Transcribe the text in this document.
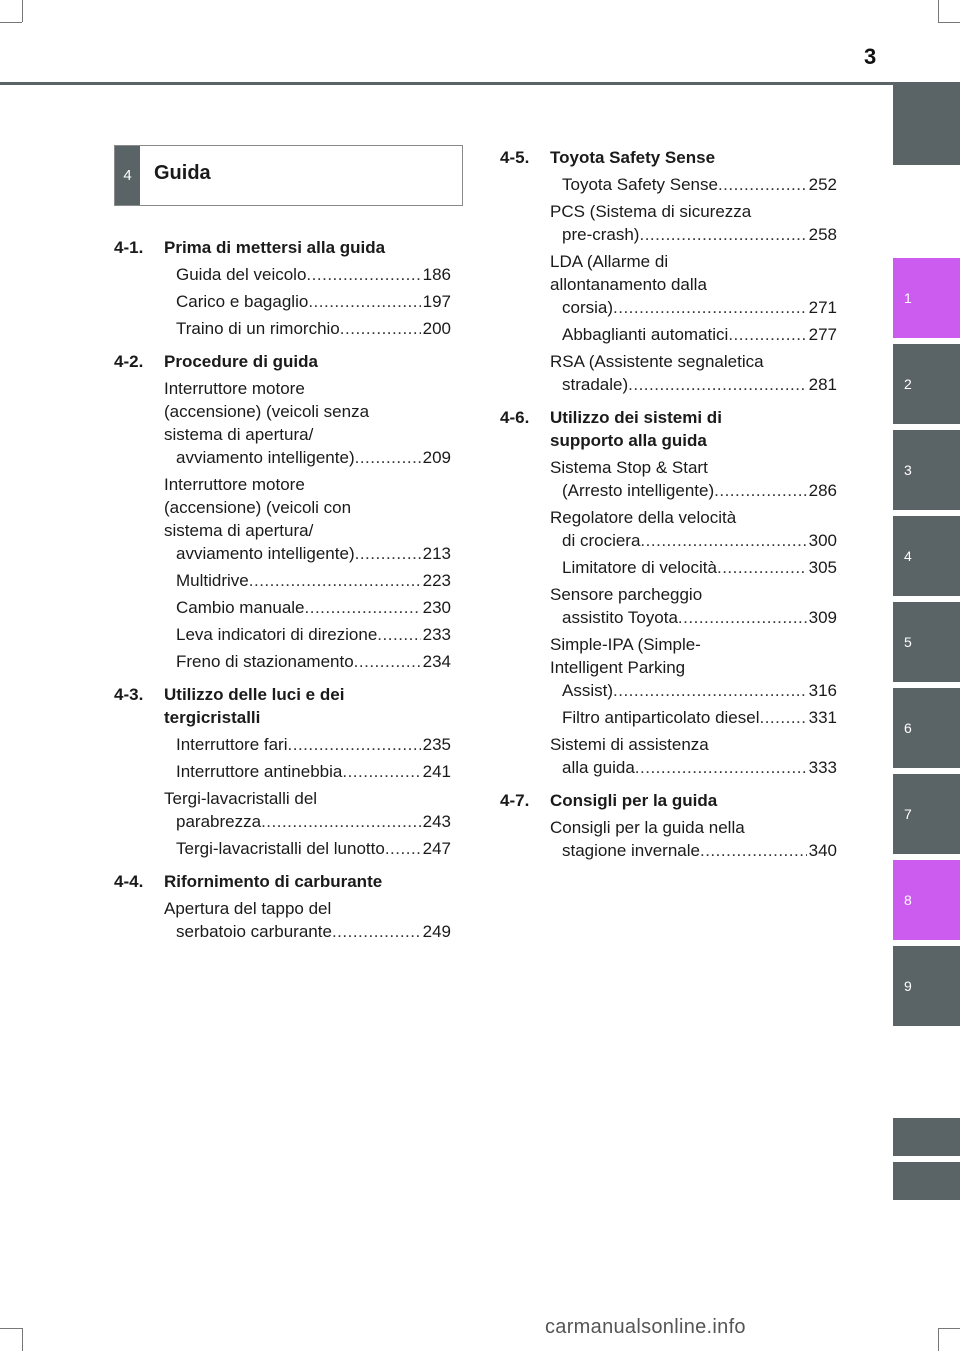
3
1
2
3
4
5
6
7
8
9
4	Guida
4-1.	Prima di mettersi alla guida
Guida del veicolo .....	186
Carico e bagaglio .....	197
Traino di un rimorchio .....	200
4-2.	Procedure di guida
Interruttore motore
(accensione) (veicoli senza
sistema di apertura/
avviamento intelligente) .....	209
Interruttore motore
(accensione) (veicoli con
sistema di apertura/
avviamento intelligente) .....	213
Multidrive .....	223
Cambio manuale .....	230
Leva indicatori di direzione .....	233
Freno di stazionamento .....	234
4-3.	Utilizzo delle luci e dei
tergicristalli
Interruttore fari .....	235
Interruttore antinebbia .....	241
Tergi-lavacristalli del
parabrezza .....	243
Tergi-lavacristalli del lunotto ..... 247
4-4.	Rifornimento di carburante
Apertura del tappo del
serbatoio carburante .....	249
4-5.	Toyota Safety Sense
Toyota Safety Sense .....	252
PCS (Sistema di sicurezza
pre-crash) .....	258
LDA (Allarme di
allontanamento dalla
corsia) .....	271
Abbaglianti automatici .....	277
RSA (Assistente segnaletica
stradale) .....	281
4-6.	Utilizzo dei sistemi di
supporto alla guida
Sistema Stop & Start
(Arresto intelligente) .....	286
Regolatore della velocità
di crociera .....	300
Limitatore di velocità .....	305
Sensore parcheggio
assistito Toyota .....	309
Simple-IPA (Simple-
Intelligent Parking
Assist) .....	316
Filtro antiparticolato diesel .....	331
Sistemi di assistenza
alla guida .....	333
4-7.	Consigli per la guida
Consigli per la guida nella
stagione invernale .....	340
carmanualsonline.info
